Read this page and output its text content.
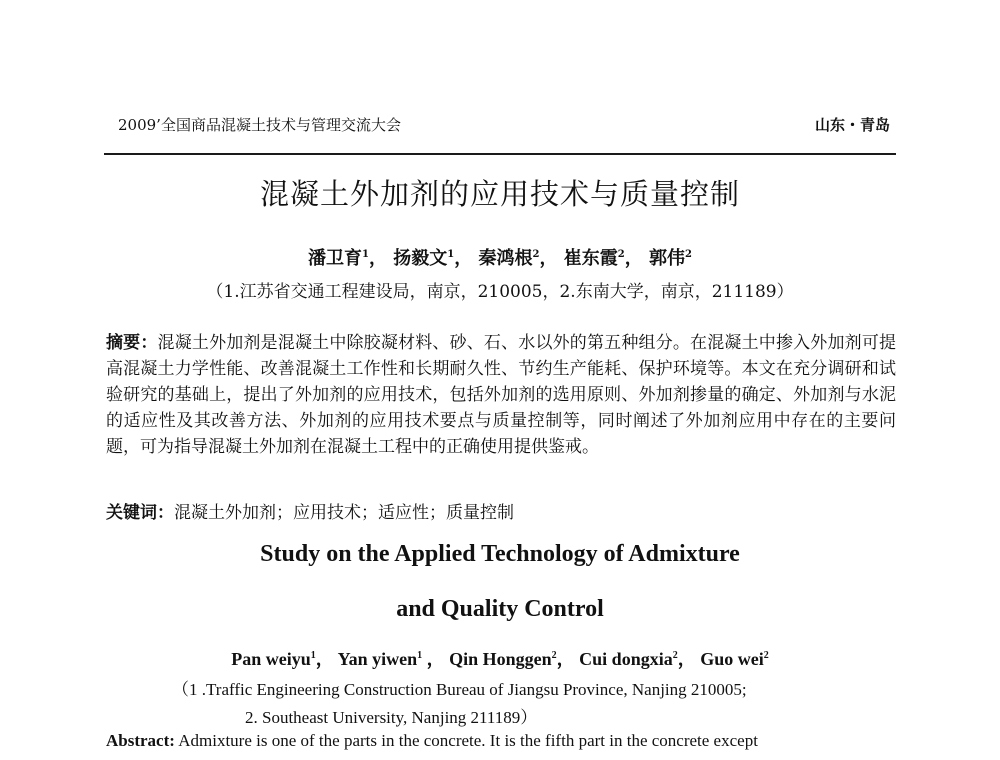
2009’全国商品混凝土技术与管理交流大会	山东・青岛
混凝土外加剂的应用技术与质量控制
潘卫育$^1$， 扬毅文$^1$， 秦鸿根$^2$， 崔东霞$^2$， 郭伟$^2$
（1.江苏省交通工程建设局，南京，210005，2.东南大学，南京，211189）
摘要：混凝土外加剂是混凝土中除胶凝材料、砂、石、水以外的第五种组分。在混凝土中掺入外加剂可提高混凝土力学性能、改善混凝土工作性和长期耐久性、节约生产能耗、保护环境等。本文在充分调研和试验研究的基础上，提出了外加剂的应用技术，包括外加剂的选用原则、外加剂掺量的确定、外加剂与水泥的适应性及其改善方法、外加剂的应用技术要点与质量控制等，同时阐述了外加剂应用中存在的主要问题，可为指导混凝土外加剂在混凝土工程中的正确使用提供鉴戒。
关键词：混凝土外加剂；应用技术；适应性；质量控制
Study on the Applied Technology of Admixture
and Quality Control
Pan weiyu$^1$， Yan yiwen$^1$ ， Qin Honggen$^2$， Cui dongxia$^2$， Guo wei$^2$
（1 .Traffic Engineering Construction Bureau of Jiangsu Province, Nanjing 210005;
2. Southeast University, Nanjing 211189）
Abstract: Admixture is one of the parts in the concrete. It is the fifth part in the concrete except
